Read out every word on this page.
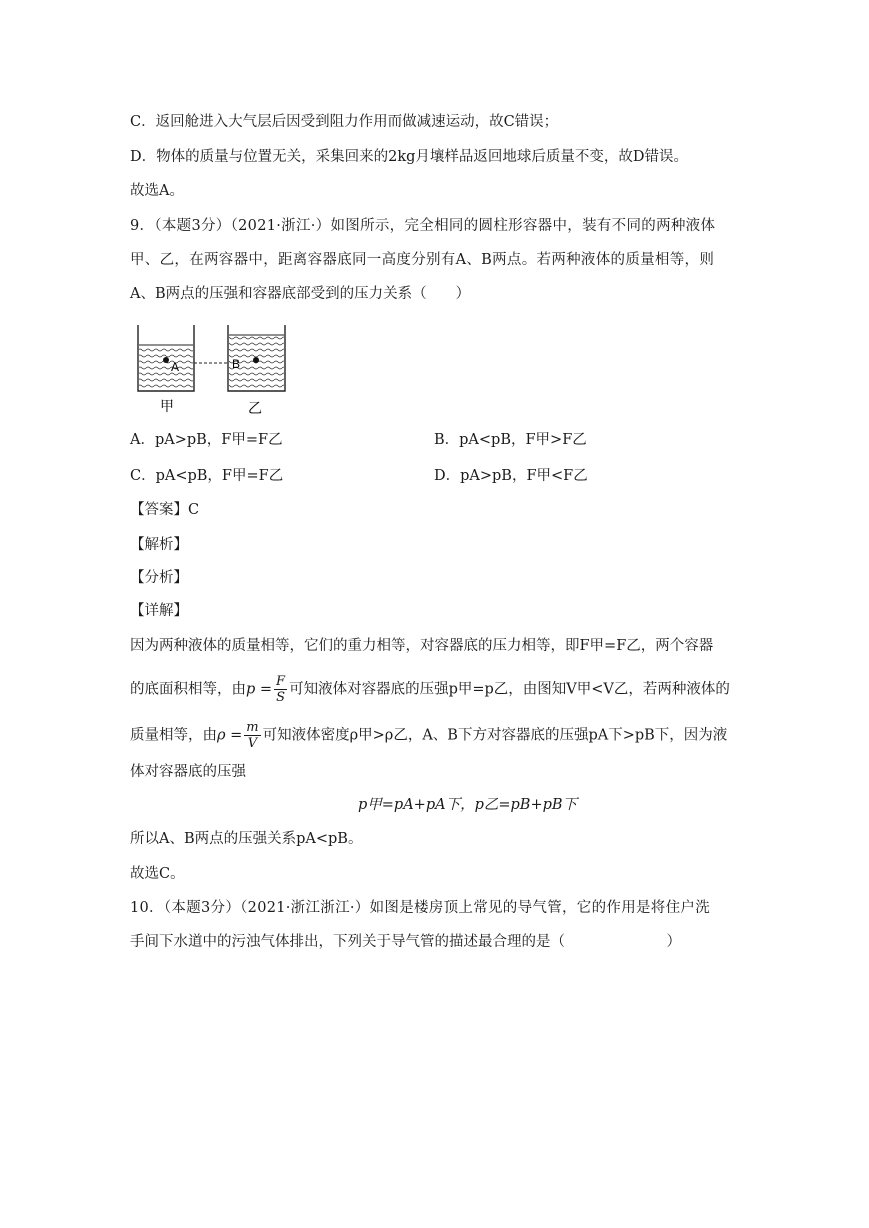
C．返回舱进入大气层后因受到阻力作用而做减速运动，故C错误；
D．物体的质量与位置无关，采集回来的2kg月壤样品返回地球后质量不变，故D错误。
故选A。
9．（本题3分）（2021·浙江·）如图所示，完全相同的圆柱形容器中，装有不同的两种液体
甲、乙，在两容器中，距离容器底同一高度分别有A、B两点。若两种液体的质量相等，则
A、B两点的压强和容器底部受到的压力关系（　　）
A	B
甲	乙
A．pA>pB，F甲=F乙	B．pA<pB，F甲>F乙
C．pA<pB，F甲=F乙	D．pA>pB，F甲<F乙
【答案】C
【解析】
【分析】
【详解】
因为两种液体的质量相等，它们的重力相等，对容器底的压力相等，即F甲=F乙，两个容器
的底面积相等，由$p = \frac{F}{S}$ 可知液体对容器底的压强p甲=p乙，由图知V甲<V乙，若两种液体的
质量相等，由$\rho = \frac{m}{V}$ 可知液体密度ρ甲>ρ乙，A、B下方对容器底的压强pA下>pB下，因为液
体对容器底的压强
p甲=pA+pA下，p乙=pB+pB下
所以A、B两点的压强关系pA<pB。
故选C。
10．（本题3分）（2021·浙江浙江·）如图是楼房顶上常见的导气管，它的作用是将住户洗
手间下水道中的污浊气体排出，下列关于导气管的描述最合理的是（　　　　　　　）
